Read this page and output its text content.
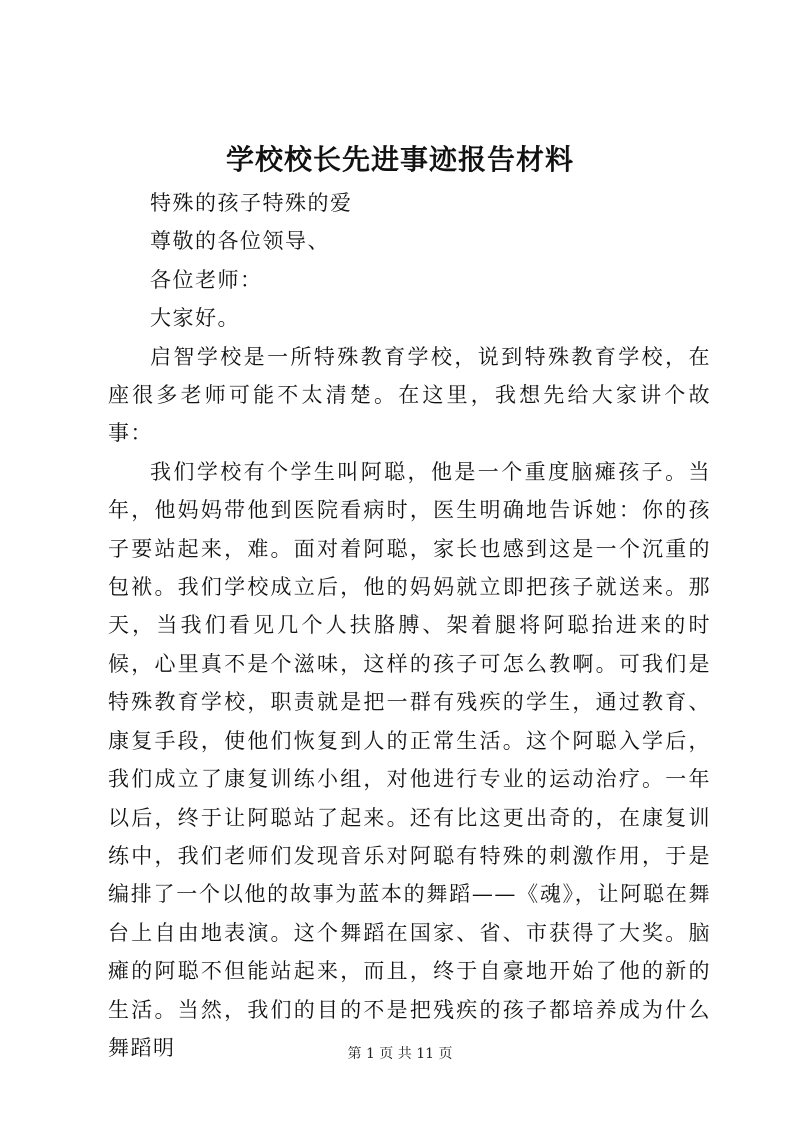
学校校长先进事迹报告材料

特殊的孩子特殊的爱

尊敬的各位领导、

各位老师：

大家好。

启智学校是一所特殊教育学校，说到特殊教育学校，在座很多老师可能不太清楚。在这里，我想先给大家讲个故事：

我们学校有个学生叫阿聪，他是一个重度脑瘫孩子。当年，他妈妈带他到医院看病时，医生明确地告诉她：你的孩子要站起来，难。面对着阿聪，家长也感到这是一个沉重的包袱。我们学校成立后，他的妈妈就立即把孩子就送来。那天，当我们看见几个人扶胳膊、架着腿将阿聪抬进来的时候，心里真不是个滋味，这样的孩子可怎么教啊。可我们是特殊教育学校，职责就是把一群有残疾的学生，通过教育、康复手段，使他们恢复到人的正常生活。这个阿聪入学后，我们成立了康复训练小组，对他进行专业的运动治疗。一年以后，终于让阿聪站了起来。还有比这更出奇的，在康复训练中，我们老师们发现音乐对阿聪有特殊的刺激作用，于是编排了一个以他的故事为蓝本的舞蹈——《魂》，让阿聪在舞台上自由地表演。这个舞蹈在国家、省、市获得了大奖。脑瘫的阿聪不但能站起来，而且，终于自豪地开始了他的新的生活。当然，我们的目的不是把残疾的孩子都培养成为什么舞蹈明	第 1 页 共 11 页
